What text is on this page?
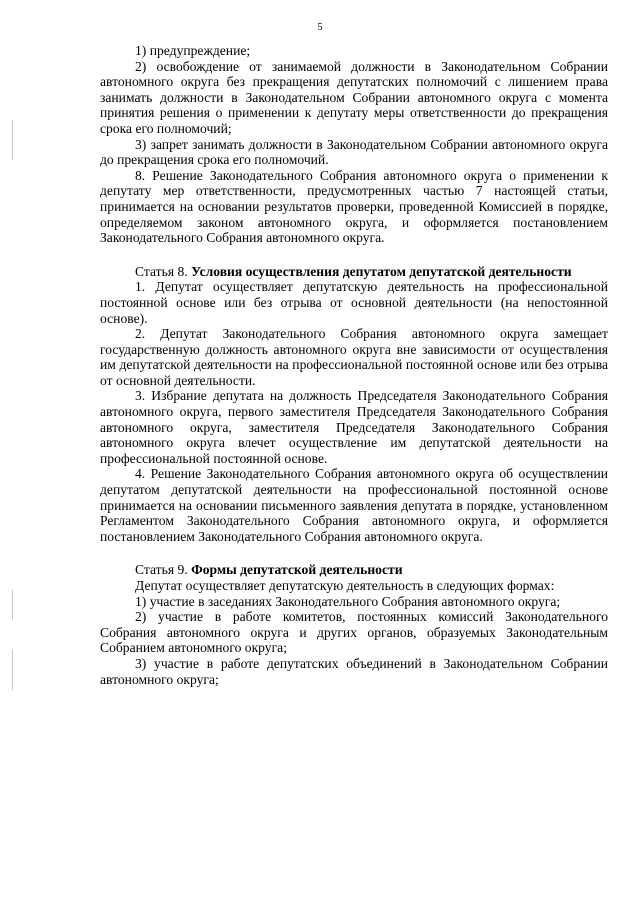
5

1) предупреждение;

2) освобождение от занимаемой должности в Законодательном Собрании автономного округа без прекращения депутатских полномочий с лишением права занимать должности в Законодательном Собрании автономного округа с момента принятия решения о применении к депутату меры ответственности до прекращения срока его полномочий;

3) запрет занимать должности в Законодательном Собрании автономного округа до прекращения срока его полномочий.

8. Решение Законодательного Собрания автономного округа о применении к депутату мер ответственности, предусмотренных частью 7 настоящей статьи, принимается на основании результатов проверки, проведенной Комиссией в порядке, определяемом законом автономного округа, и оформляется постановлением Законодательного Собрания автономного округа.

Статья 8. Условия осуществления депутатом депутатской деятельности

1. Депутат осуществляет депутатскую деятельность на профессиональной постоянной основе или без отрыва от основной деятельности (на непостоянной основе).

2. Депутат Законодательного Собрания автономного округа замещает государственную должность автономного округа вне зависимости от осуществления им депутатской деятельности на профессиональной постоянной основе или без отрыва от основной деятельности.

3. Избрание депутата на должность Председателя Законодательного Собрания автономного округа, первого заместителя Председателя Законодательного Собрания автономного округа, заместителя Председателя Законодательного Собрания автономного округа влечет осуществление им депутатской деятельности на профессиональной постоянной основе.

4. Решение Законодательного Собрания автономного округа об осуществлении депутатом депутатской деятельности на профессиональной постоянной основе принимается на основании письменного заявления депутата в порядке, установленном Регламентом Законодательного Собрания автономного округа, и оформляется постановлением Законодательного Собрания автономного округа.

Статья 9. Формы депутатской деятельности

Депутат осуществляет депутатскую деятельность в следующих формах:

1) участие в заседаниях Законодательного Собрания автономного округа;

2) участие в работе комитетов, постоянных комиссий Законодательного Собрания автономного округа и других органов, образуемых Законодательным Собранием автономного округа;

3) участие в работе депутатских объединений в Законодательном Собрании автономного округа;
